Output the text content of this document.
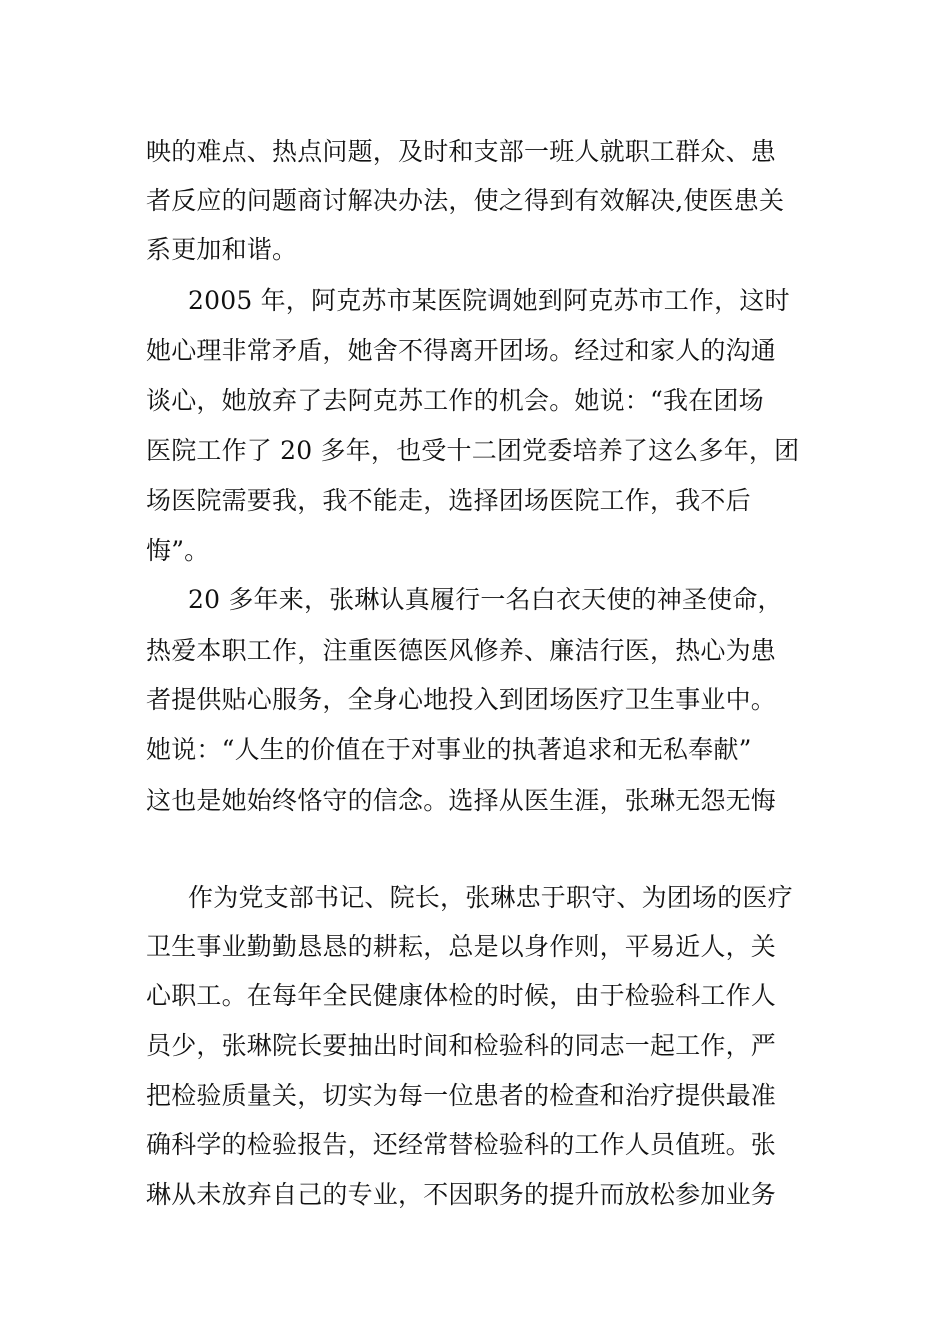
映的难点、热点问题，及时和支部一班人就职工群众、患
者反应的问题商讨解决办法，使之得到有效解决,使医患关
系更加和谐。
2005 年，阿克苏市某医院调她到阿克苏市工作，这时
她心理非常矛盾，她舍不得离开团场。经过和家人的沟通
谈心，她放弃了去阿克苏工作的机会。她说：“我在团场
医院工作了 20 多年，也受十二团党委培养了这么多年，团
场医院需要我，我不能走，选择团场医院工作，我不后
悔”。
20 多年来，张琳认真履行一名白衣天使的神圣使命，
热爱本职工作，注重医德医风修养、廉洁行医，热心为患
者提供贴心服务，全身心地投入到团场医疗卫生事业中。
她说：“人生的价值在于对事业的执著追求和无私奉献”
这也是她始终恪守的信念。选择从医生涯，张琳无怨无悔
作为党支部书记、院长，张琳忠于职守、为团场的医疗
卫生事业勤勤恳恳的耕耘，总是以身作则，平易近人，关
心职工。在每年全民健康体检的时候，由于检验科工作人
员少，张琳院长要抽出时间和检验科的同志一起工作，严
把检验质量关，切实为每一位患者的检查和治疗提供最准
确科学的检验报告，还经常替检验科的工作人员值班。张
琳从未放弃自己的专业，不因职务的提升而放松参加业务
